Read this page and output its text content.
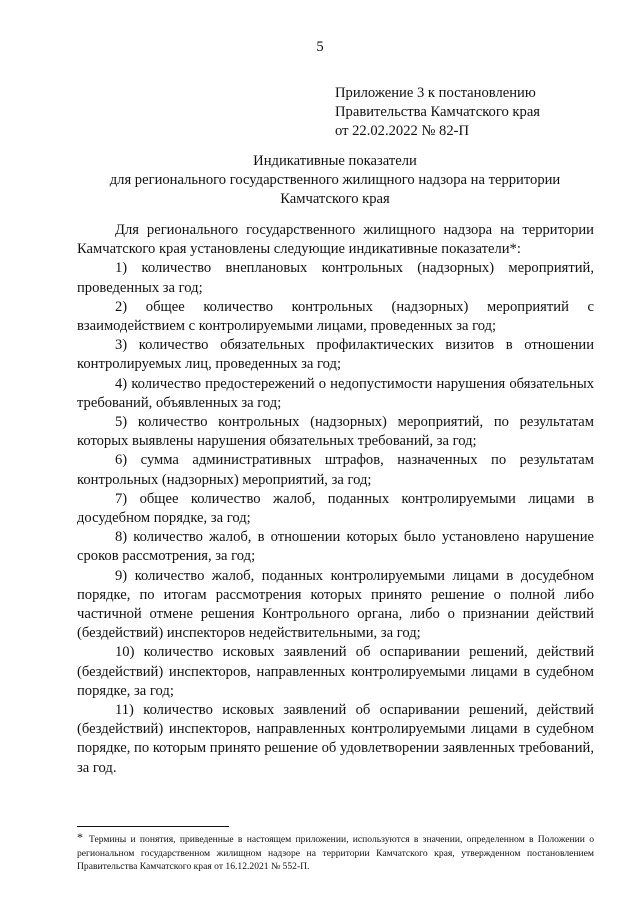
5
Приложение 3 к постановлению
Правительства Камчатского края
от 22.02.2022 № 82-П
Индикативные показатели
для регионального государственного жилищного надзора на территории
Камчатского края

Для регионального государственного жилищного надзора на территории Камчатского края установлены следующие индикативные показатели*:

1) количество внеплановых контрольных (надзорных) мероприятий, проведенных за год;

2) общее количество контрольных (надзорных) мероприятий с взаимодействием с контролируемыми лицами, проведенных за год;

3) количество обязательных профилактических визитов в отношении контролируемых лиц, проведенных за год;

4) количество предостережений о недопустимости нарушения обязательных требований, объявленных за год;

5) количество контрольных (надзорных) мероприятий, по результатам которых выявлены нарушения обязательных требований, за год;

6) сумма административных штрафов, назначенных по результатам контрольных (надзорных) мероприятий, за год;

7) общее количество жалоб, поданных контролируемыми лицами в досудебном порядке, за год;

8) количество жалоб, в отношении которых было установлено нарушение сроков рассмотрения, за год;

9) количество жалоб, поданных контролируемыми лицами в досудебном порядке, по итогам рассмотрения которых принято решение о полной либо частичной отмене решения Контрольного органа, либо о признании действий (бездействий) инспекторов недействительными, за год;

10) количество исковых заявлений об оспаривании решений, действий (бездействий) инспекторов, направленных контролируемыми лицами в судебном порядке, за год;

11) количество исковых заявлений об оспаривании решений, действий (бездействий) инспекторов, направленных контролируемыми лицами в судебном порядке, по которым принято решение об удовлетворении заявленных требований, за год.

* Термины и понятия, приведенные в настоящем приложении, используются в значении, определенном в Положении о региональном государственном жилищном надзоре на территории Камчатского края, утвержденном постановлением Правительства Камчатского края от 16.12.2021 № 552-П.
